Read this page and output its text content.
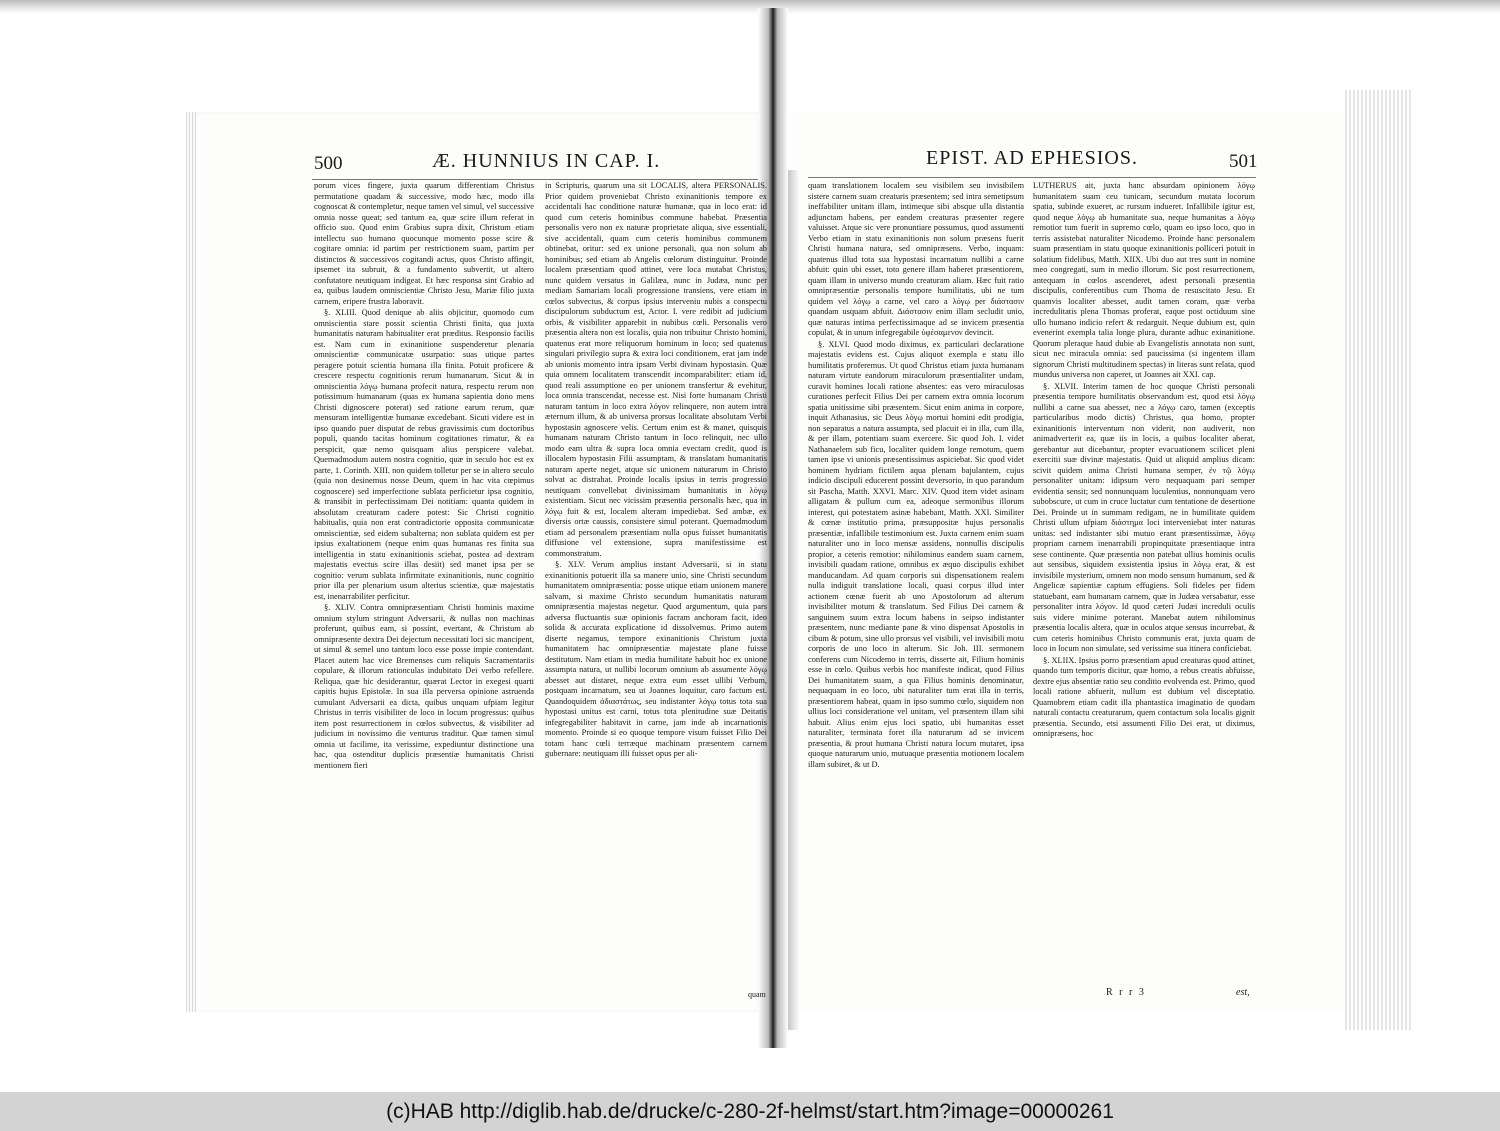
500	Æ. HUNNIUS IN CAP. I.

porum vices fingere, juxta quarum differentiam Christus permutatione quadam & successive, modo hæc, modo illa cognoscat & contempletur, neque tamen vel simul, vel successive omnia nosse queat; sed tantum ea, quæ scire illum referat in officio suo. Quod enim Grabius supra dixit, Christum etiam intellectu suo humano quocunque momento posse scire & cogitare omnia: id partim per restrictionem suam, partim per distinctos & successivos cogitandi actus, quos Christo affingit, ipsemet ita subruit, & a fundamento subvertit, ut altero confutatore neutiquam indigeat. Et hæc responsa sint Grabio ad ea, quibus laudem omniscientiæ Christo Jesu, Mariæ filio juxta carnem, eripere frustra laboravit.

§. XLIII. Quod denique ab aliis objicitur, quomodo cum omniscientia stare possit scientia Christi finita, qua juxta humanitatis naturam habitualiter erat præditus. Responsio facilis est. Nam cum in exinanitione suspenderetur plenaria omniscientiæ communicatæ usurpatio: suas utique partes peragere potuit scientia humana illa finita. Potuit proficere & crescere respectu cognitionis rerum humanarum. Sicut & in omniscientia λόγῳ humana profecit natura, respectu rerum non potissimum humanarum (quas ex humana sapientia dono mens Christi dignoscere poterat) sed ratione earum rerum, quæ mensuram intelligentiæ humanæ excedebant. Sicuti videre est in ipso quando puer disputat de rebus gravissimis cum doctoribus populi, quando tacitas hominum cogitationes rimatur, & ea perspicit, quæ nemo quisquam alius perspicere valebat. Quemadmodum autem nostra cognitio, quæ in seculo hoc est ex parte, 1. Corinth. XIII. non quidem tolletur per se in altero seculo (quia non desinemus nosse Deum, quem in hac vita cœpimus cognoscere) sed imperfectione sublata perficietur ipsa cognitio, & transibit in perfectissimam Dei notitiam: quanta quidem in absolutam creaturam cadere potest: Sic Christi cognitio habitualis, quia non erat contradictorie opposita communicatæ omniscientiæ, sed eidem subalterna; non sublata quidem est per ipsius exaltationem (neque enim quas humanas res finita sua intelligentia in statu exinanitionis sciebat, postea ad dextram majestatis evectus scire illas desiit) sed manet ipsa per se cognitio: verum sublata infirmitate exinanitionis, nunc cognitio prior illa per plenarium usum alterius scientiæ, quæ majestatis est, inenarrabiliter perficitur.

§. XLIV. Contra omnipræsentiam Christi hominis maxime omnium stylum stringunt Adversarii, & nullas non machinas proferunt, quibus eam, si possint, evertant, & Christum ab omnipræsente dextra Dei dejectum necessitati loci sic mancipent, ut simul & semel uno tantum loco esse posse impie contendant. Placet autem hac vice Bremenses cum reliquis Sacramentariis copulare, & illorum rationculas indubitato Dei verbo refellere. Reliqua, quæ hic desiderantur, quærat Lector in exegesi quarti capitis hujus Epistolæ. In sua illa perversa opinione astruenda cumulant Adversarii ea dicta, quibus unquam ufpiam legitur Christus in terris visibiliter de loco in locum progressus: quibus item post resurrectionem in cœlos subvectus, & visibiliter ad judicium in novissimo die venturus traditur. Quæ tamen simul omnia ut facilime, ita verissime, expediuntur distinctione una hac, qua ostenditur duplicis præsentiæ humanitatis Christi mentionem fieri

in Scripturis, quarum una sit LOCALIS, altera PERSONALIS. Prior quidem proveniebat Christo exinanitionis tempore ex accidentali hac conditione naturæ humanæ, qua in loco erat: id quod cum ceteris hominibus commune habebat. Præsentia personalis vero non ex naturæ proprietate aliqua, sive essentiali, sive accidentali, quam cum ceteris hominibus communem obtinebat, oritur: sed ex unione personali, qua non solum ab hominibus; sed etiam ab Angelis cœlorum distinguitur. Proinde localem præsentiam quod attinet, vere loca mutabat Christus, nunc quidem versatus in Galilæa, nunc in Judæa, nunc per mediam Samariam locali progressione transiens, vere etiam in cœlos subvectus, & corpus ipsius interveniu nubis a conspectu discipulorum subductum est, Actor. I. vere redibit ad judicium orbis, & visibiliter apparebit in nubibus cœli. Personalis vero præsentia altera non est localis, quia non tribuitur Christo homini, quatenus erat more reliquorum hominum in loco; sed quatenus singulari privilegio supra & extra loci conditionem, erat jam inde ab unionis momento intra ipsam Verbi divinam hypostasin. Quæ quia omnem localitatem transcendit incomparabiliter: etiam id, quod reali assumptione eo per unionem transfertur & evehitur, loca omnia transcendat, necesse est. Nisi forte humanam Christi naturam tantum in loco extra λόγον relinquere, non autem intra æternum illum, & ab universa prorsus localitate absolutam Verbi hypostasin agnoscere velis. Certum enim est & manet, quisquis humanam naturam Christo tantum in loco relinquit, nec ullo modo eam ultra & supra loca omnia evectam credit, quod is illocalem hypostasin Filii assumptam, & translatam humanitatis naturam aperte neget, atque sic unionem naturarum in Christo solvat ac distrahat. Proinde localis ipsius in terris progressio neutiquam convellebat divinissimam humanitatis in λόγῳ existentiam. Sicut nec vicissim præsentia personalis hæc, qua in λόγῳ fuit & est, localem alteram impediebat. Sed ambæ, ex diversis ortæ caussis, consistere simul poterant. Quemadmodum etiam ad personalem præsentiam nulla opus fuisset humanitatis diffusione vel extensione, supra manifestissime est commonstratum.

§. XLV. Verum amplius instant Adversarii, si in statu exinanitionis potuerit illa sa manere unio, sine Christi secundum humanitatem omnipræsentia: posse utique etiam unionem manere salvam, si maxime Christo secundum humanitatis naturam omnipræsentia majestas negetur. Quod argumentum, quia pars adversa fluctuantis suæ opinionis facram anchoram facit, ideo solida & accurata explicatione id dissolvemus. Primo autem diserte negamus, tempore exinanitionis Christum juxta humanitatem hac omnipræsentiæ majestate plane fuisse destitutum. Nam etiam in media humilitate habuit hoc ex unione assumpta natura, ut nullibi locorum omnium ab assumente λόγῳ abesset aut distaret, neque extra eum esset ullibi Verbum, postquam incarnatum, seu ut Joannes loquitur, caro factum est. Quandoquidem ἀδιαστάτως, seu indistanter λόγῳ totus tota sua hypostasi unitus est carni, totus tota plenitudine suæ Deitatis infegregabiliter habitavit in carne, jam inde ab incarnationis momento. Proinde si eo quoque tempore visum fuisset Filio Dei totam hanc cœli terræque machinam præsentem carnem gubernare: neutiquam illi fuisset opus per ali-

quam
EPIST. AD EPHESIOS.	501

quam translationem localem seu visibilem seu invisibilem sistere carnem suam creaturis præsentem; sed intra semetipsum ineffabiliter unitam illam, intimeque sibi absque ulla distantia adjunctam habens, per eandem creaturas præsenter regere valuisset. Atque sic vere pronuntiare possumus, quod assumenti Verbo etiam in statu exinanitionis non solum præsens fuerit Christi humana natura, sed omnipræsens. Verbo, inquam: quatenus illud tota sua hypostasi incarnatum nullibi a carne abfuit: quin ubi esset, toto genere illam haberet præsentiorem, quam illam in universo mundo creaturam aliam. Hæc fuit ratio omnipræsentiæ personalis tempore humilitatis, ubi ne tum quidem vel λόγῳ a carne, vel caro a λόγῳ per διάστασιν quandam usquam abfuit. Διάστασιν enim illam secludit unio, quæ naturas intima perfectissimaque ad se invicem præsentia copulat, & in unum infegregabile ὑφέσαμενον devincit.

§. XLVI. Quod modo diximus, ex particulari declaratione majestatis evidens est. Cujus aliquot exempla e statu illo humilitatis proferemus. Ut quod Christus etiam juxta humanam naturam virtute eandorum miraculorum præsentialiter undam, curavit homines locali ratione absentes: eas vero miraculosas curationes perfecit Filius Dei per carnem extra omnia locorum spatia unitissime sibi præsentem. Sicut enim anima in corpore, inquit Athanasius, sic Deus λόγῳ mortui homini edit prodigia, non separatus a natura assumpta, sed placuit ei in illa, cum illa, & per illam, potentiam suam exercere. Sic quod Joh. I. videt Nathanaelem sub ficu, localiter quidem longe remotum, quem tamen ipse vi unionis præsentissimus aspiciebat. Sic quod videt hominem hydriam fictilem aqua plenam bajulantem, cujus indicio discipuli educerent possint deversorio, in quo parandum sit Pascha, Matth. XXVI. Marc. XIV. Quod item videt asinam alligatam & pullum cum ea, adeoque sermonibus illorum interest, qui potestatem asinæ habebant, Matth. XXI. Similiter & cœnæ institutio prima, præsuppositæ hujus personalis præsentiæ, infallibile testimonium est. Juxta carnem enim suam naturaliter uno in loco mensæ assidens, nonnullis discipulis propior, a ceteris remotior: nihilominus eandem suam carnem, invisibili quadam ratione, omnibus ex æquo discipulis exhibet manducandam. Ad quam corporis sui dispensationem realem nulla indiguit translatione locali, quasi corpus illud inter actionem cœnæ fuerit ab uno Apostolorum ad alterum invisibiliter motum & translatum. Sed Filius Dei carnem & sanguinem suum extra locum habens in seipso indistanter præsentem, nunc mediante pane & vino dispensat Apostolis in cibum & potum, sine ullo prorsus vel visibili, vel invisibili motu corporis de uno loco in alterum. Sic Joh. III. sermonem conferens cum Nicodemo in terris, disserte ait, Filium hominis esse in cœlo. Quibus verbis hoc manifeste indicat, quod Filius Dei humanitatem suam, a qua Filius hominis denominatur, nequaquam in eo loco, ubi naturaliter tum erat illa in terris, præsentiorem habeat, quam in ipso summo cœlo, siquidem non ullius loci consideratione vel unitam, vel præsentem illam sibi habuit. Alius enim ejus loci spatio, ubi humanitas esset naturaliter, terminata foret illa naturarum ad se invicem præsentia, & prout humana Christi natura locum mutaret, ipsa quoque naturarum unio, mutuaque præsentia motionem localem illam subiret, & ut D.

LUTHERUS ait, juxta hanc absurdam opinionem λόγῳ humanitatem suam ceu tunicam, secundum mutata locorum spatia, subinde exueret, ac rursum indueret. Infallibile igitur est, quod neque λόγῳ ab humanitate sua, neque humanitas a λόγῳ remotior tum fuerit in supremo cœlo, quam eo ipso loco, quo in terris assistebat naturaliter Nicodemo. Proinde hanc personalem suam præsentiam in statu quoque exinanitionis polliceri potuit in solatium fidelibus, Matth. XIIX. Ubi duo aut tres sunt in nomine meo congregati, sum in medio illorum. Sic post resurrectionem, antequam in cœlos ascenderet, adest personali præsentia discipulis, conferentibus cum Thoma de resuscitato Jesu. Et quamvis localiter abesset, audit tamen coram, quæ verba incredulitatis plena Thomas proferat, eaque post octiduum sine ullo humano indicio refert & redarguit. Neque dubium est, quin evenerint exempla talia longe plura, durante adhuc exinanitione. Quorum pleraque haud dubie ab Evangelistis annotata non sunt, sicut nec miracula omnia: sed paucissima (si ingentem illam signorum Christi multitudinem spectas) in literas sunt relata, quod mundus universa non caperet, ut Joannes ait XXI. cap.

§. XLVII. Interim tamen de hoc quoque Christi personali præsentia tempore humilitatis observandum est, quod etsi λόγῳ nullibi a carne sua abesset, nec a λόγῳ caro, tamen (exceptis particularibus modo dictis) Christus, qua homo, propter exinanitionis interventum non viderit, non audiverit, non animadverterit ea, quæ iis in locis, a quibus localiter aberat, gerebantur aut dicebantur, propter evacuationem scilicet pleni exercitii suæ divinæ majestatis. Quid ut aliquid amplius dicam: scivit quidem anima Christi humana semper, ἐν τῷ λόγῳ personaliter unitam: idipsum vero nequaquam pari semper evidentia sensit; sed nonnunquam luculentius, nonnunquam vero subobscure, ut cum in cruce luctatur cum tentatione de desertione Dei. Proinde ut in summam redigam, ne in humilitate quidem Christi ullum ufpiam διάστημα loci interveniebat inter naturas unitas: sed indistanter sibi mutuo erant præsentissimæ, λόγῳ propriam carnem inenarrabili propinquitate præsentiaque intra sese continente. Quæ præsentia non patebat ullius hominis oculis aut sensibus, siquidem exsistentia ipsius in λόγῳ erat, & est invisibile mysterium, omnem non modo sensum humanum, sed & Angelicæ sapientiæ captum effugiens. Soli fideles per fidem statuebant, eam humanam carnem, quæ in Judæa versabatur, esse personaliter intra λόγον. Id quod cæteri Judæi increduli oculis suis videre minime poterant. Manebat autem nihilominus præsentia localis altera, quæ in oculos atque sensus incurrebat, & cum ceteris hominibus Christo communis erat, juxta quam de loco in locum non simulate, sed verissime sua itinera conficiebat.

§. XLIIX. Ipsius porro præsentiam apud creaturas quod attinet, quando tum temporis dicitur, quæ homo, a rebus creatis abfuisse, dextre ejus absentiæ ratio seu conditio evolvenda est. Primo, quod locali ratione abfuerit, nullum est dubium vel disceptatio. Quamobrem etiam cadit illa phantastica imaginatio de quodam naturali contactu creaturarum, quem contactum sola localis gignit præsentia. Secundo, etsi assumenti Filio Dei erat, ut diximus, omnipræsens, hoc

R r r 3	est,
(c)HAB http://diglib.hab.de/drucke/c-280-2f-helmst/start.htm?image=00000261
